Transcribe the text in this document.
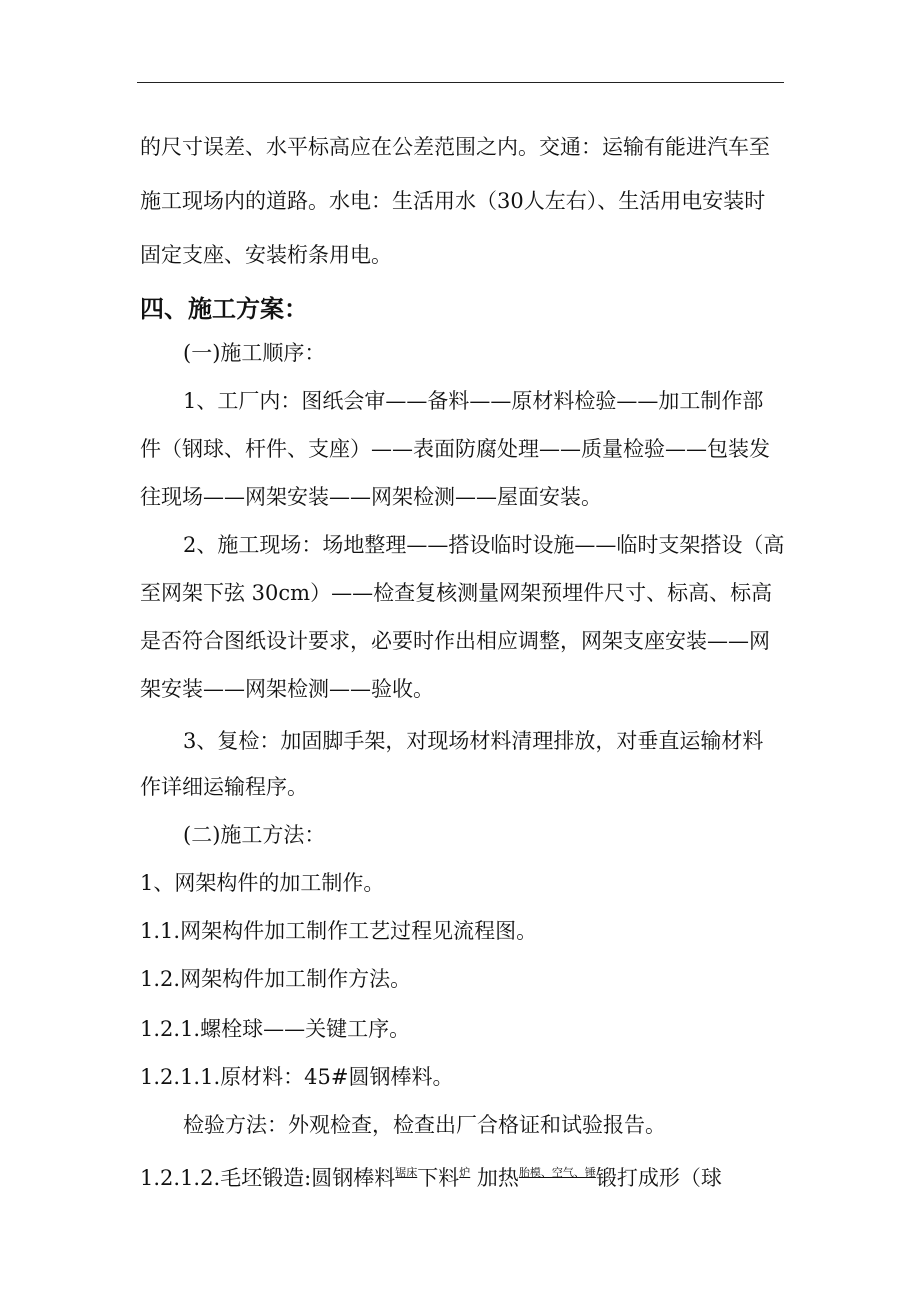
的尺寸误差、水平标高应在公差范围之内。交通：运输有能进汽车至
施工现场内的道路。水电：生活用水（30人左右）、生活用电安装时
固定支座、安装桁条用电。
四、施工方案：
(一)施工顺序：
1、工厂内：图纸会审——备料——原材料检验——加工制作部
件（钢球、杆件、支座）——表面防腐处理——质量检验——包装发
往现场——网架安装——网架检测——屋面安装。
2、施工现场：场地整理——搭设临时设施——临时支架搭设（高
至网架下弦 30cm）——检查复核测量网架预埋件尺寸、标高、标高
是否符合图纸设计要求，必要时作出相应调整，网架支座安装——网
架安装——网架检测——验收。
3、复检：加固脚手架，对现场材料清理排放，对垂直运输材料
作详细运输程序。
(二)施工方法：
1、网架构件的加工制作。
1.1.网架构件加工制作工艺过程见流程图。
1.2.网架构件加工制作方法。
1.2.1.螺栓球——关键工序。
1.2.1.1.原材料：45#圆钢棒料。
检验方法：外观检查，检查出厂合格证和试验报告。
1.2.1.2.毛坯锻造:圆钢棒料$^{锯床}$下料$^炉$ 加热$^{胎模、空气、锤}$锻打成形（球
